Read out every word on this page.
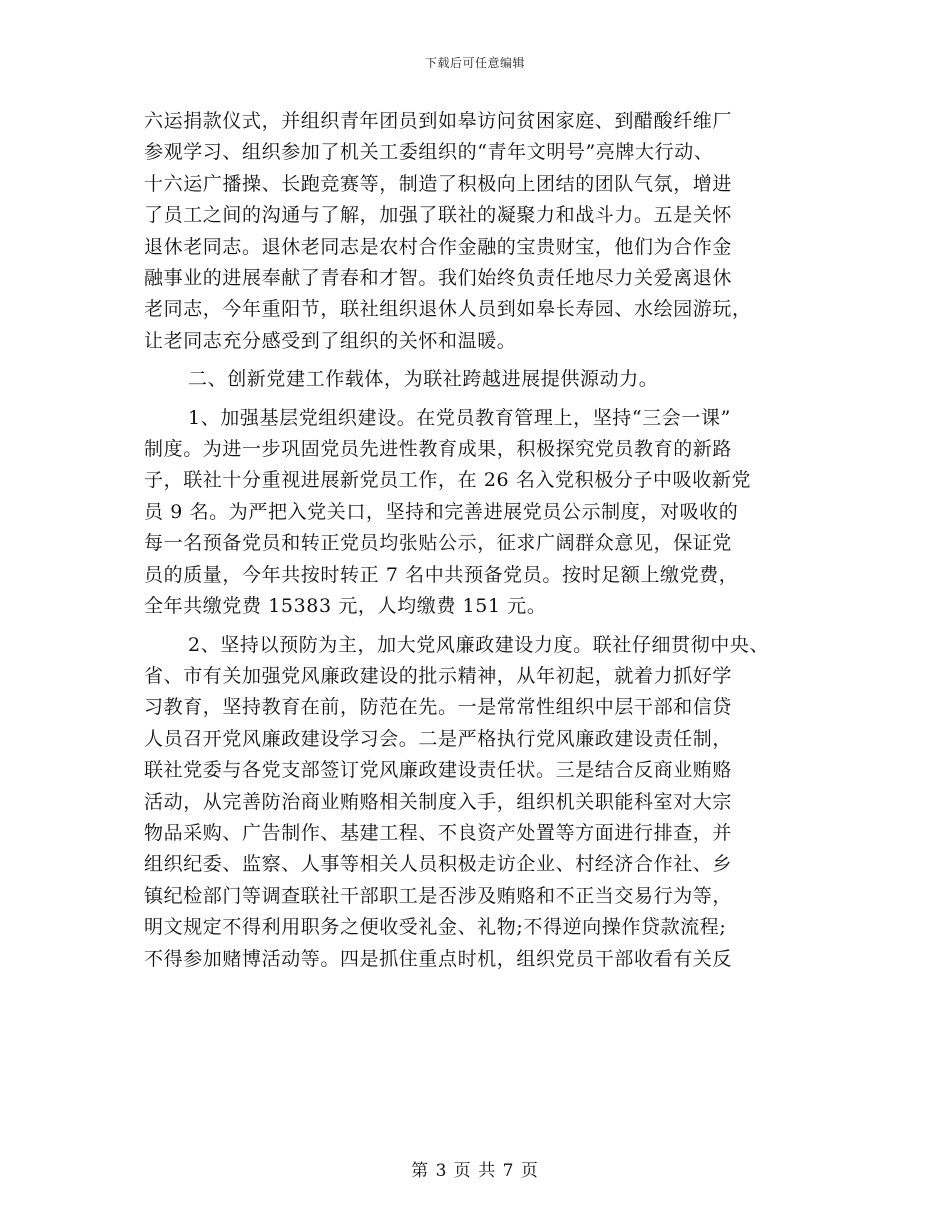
下载后可任意编辑
六运捐款仪式，并组织青年团员到如皋访问贫困家庭、到醋酸纤维厂
参观学习、组织参加了机关工委组织的“青年文明号”亮牌大行动、
十六运广播操、长跑竞赛等，制造了积极向上团结的团队气氛，增进
了员工之间的沟通与了解，加强了联社的凝聚力和战斗力。五是关怀
退休老同志。退休老同志是农村合作金融的宝贵财宝，他们为合作金
融事业的进展奉献了青春和才智。我们始终负责任地尽力关爱离退休
老同志，今年重阳节，联社组织退休人员到如皋长寿园、水绘园游玩，
让老同志充分感受到了组织的关怀和温暖。
二、创新党建工作载体，为联社跨越进展提供源动力。
1、加强基层党组织建设。在党员教育管理上，坚持“三会一课”
制度。为进一步巩固党员先进性教育成果，积极探究党员教育的新路
子，联社十分重视进展新党员工作，在 26 名入党积极分子中吸收新党
员 9 名。为严把入党关口，坚持和完善进展党员公示制度，对吸收的
每一名预备党员和转正党员均张贴公示，征求广阔群众意见，保证党
员的质量，今年共按时转正 7 名中共预备党员。按时足额上缴党费，
全年共缴党费 15383 元，人均缴费 151 元。
2、坚持以预防为主，加大党风廉政建设力度。联社仔细贯彻中央、
省、市有关加强党风廉政建设的批示精神，从年初起，就着力抓好学
习教育，坚持教育在前，防范在先。一是常常性组织中层干部和信贷
人员召开党风廉政建设学习会。二是严格执行党风廉政建设责任制，
联社党委与各党支部签订党风廉政建设责任状。三是结合反商业贿赂
活动，从完善防治商业贿赂相关制度入手，组织机关职能科室对大宗
物品采购、广告制作、基建工程、不良资产处置等方面进行排查，并
组织纪委、监察、人事等相关人员积极走访企业、村经济合作社、乡
镇纪检部门等调查联社干部职工是否涉及贿赂和不正当交易行为等，
明文规定不得利用职务之便收受礼金、礼物;不得逆向操作贷款流程;
不得参加赌博活动等。四是抓住重点时机，组织党员干部收看有关反
第 3 页 共 7 页
